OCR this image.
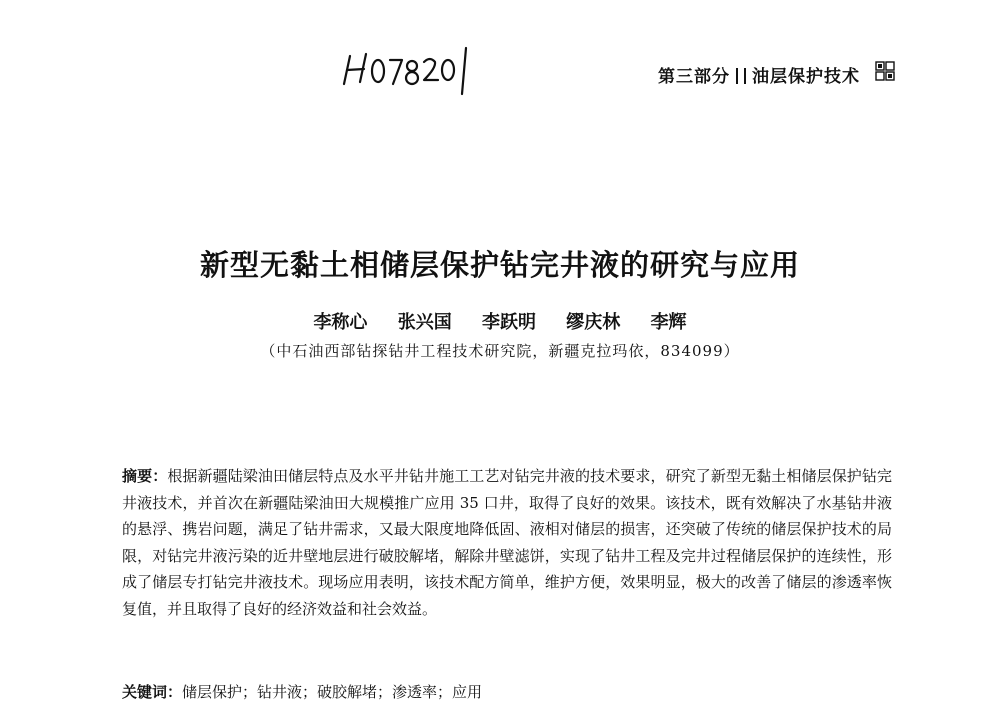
第三部分 油层保护技术
新型无黏土相储层保护钻完井液的研究与应用
李称心 张兴国 李跃明 缪庆林 李辉
（中石油西部钻探钻井工程技术研究院，新疆克拉玛依，834099）
摘要：根据新疆陆梁油田储层特点及水平井钻井施工工艺对钻完井液的技术要求，研究了新型无黏土相储层保护钻完井液技术，并首次在新疆陆梁油田大规模推广应用 35 口井，取得了良好的效果。该技术，既有效解决了水基钻井液的悬浮、携岩问题，满足了钻井需求，又最大限度地降低固、液相对储层的损害，还突破了传统的储层保护技术的局限，对钻完井液污染的近井壁地层进行破胶解堵，解除井壁滤饼，实现了钻井工程及完井过程储层保护的连续性，形成了储层专打钻完井液技术。现场应用表明，该技术配方简单，维护方便，效果明显，极大的改善了储层的渗透率恢复值，并且取得了良好的经济效益和社会效益。
关键词：储层保护；钻井液；破胶解堵；渗透率；应用
